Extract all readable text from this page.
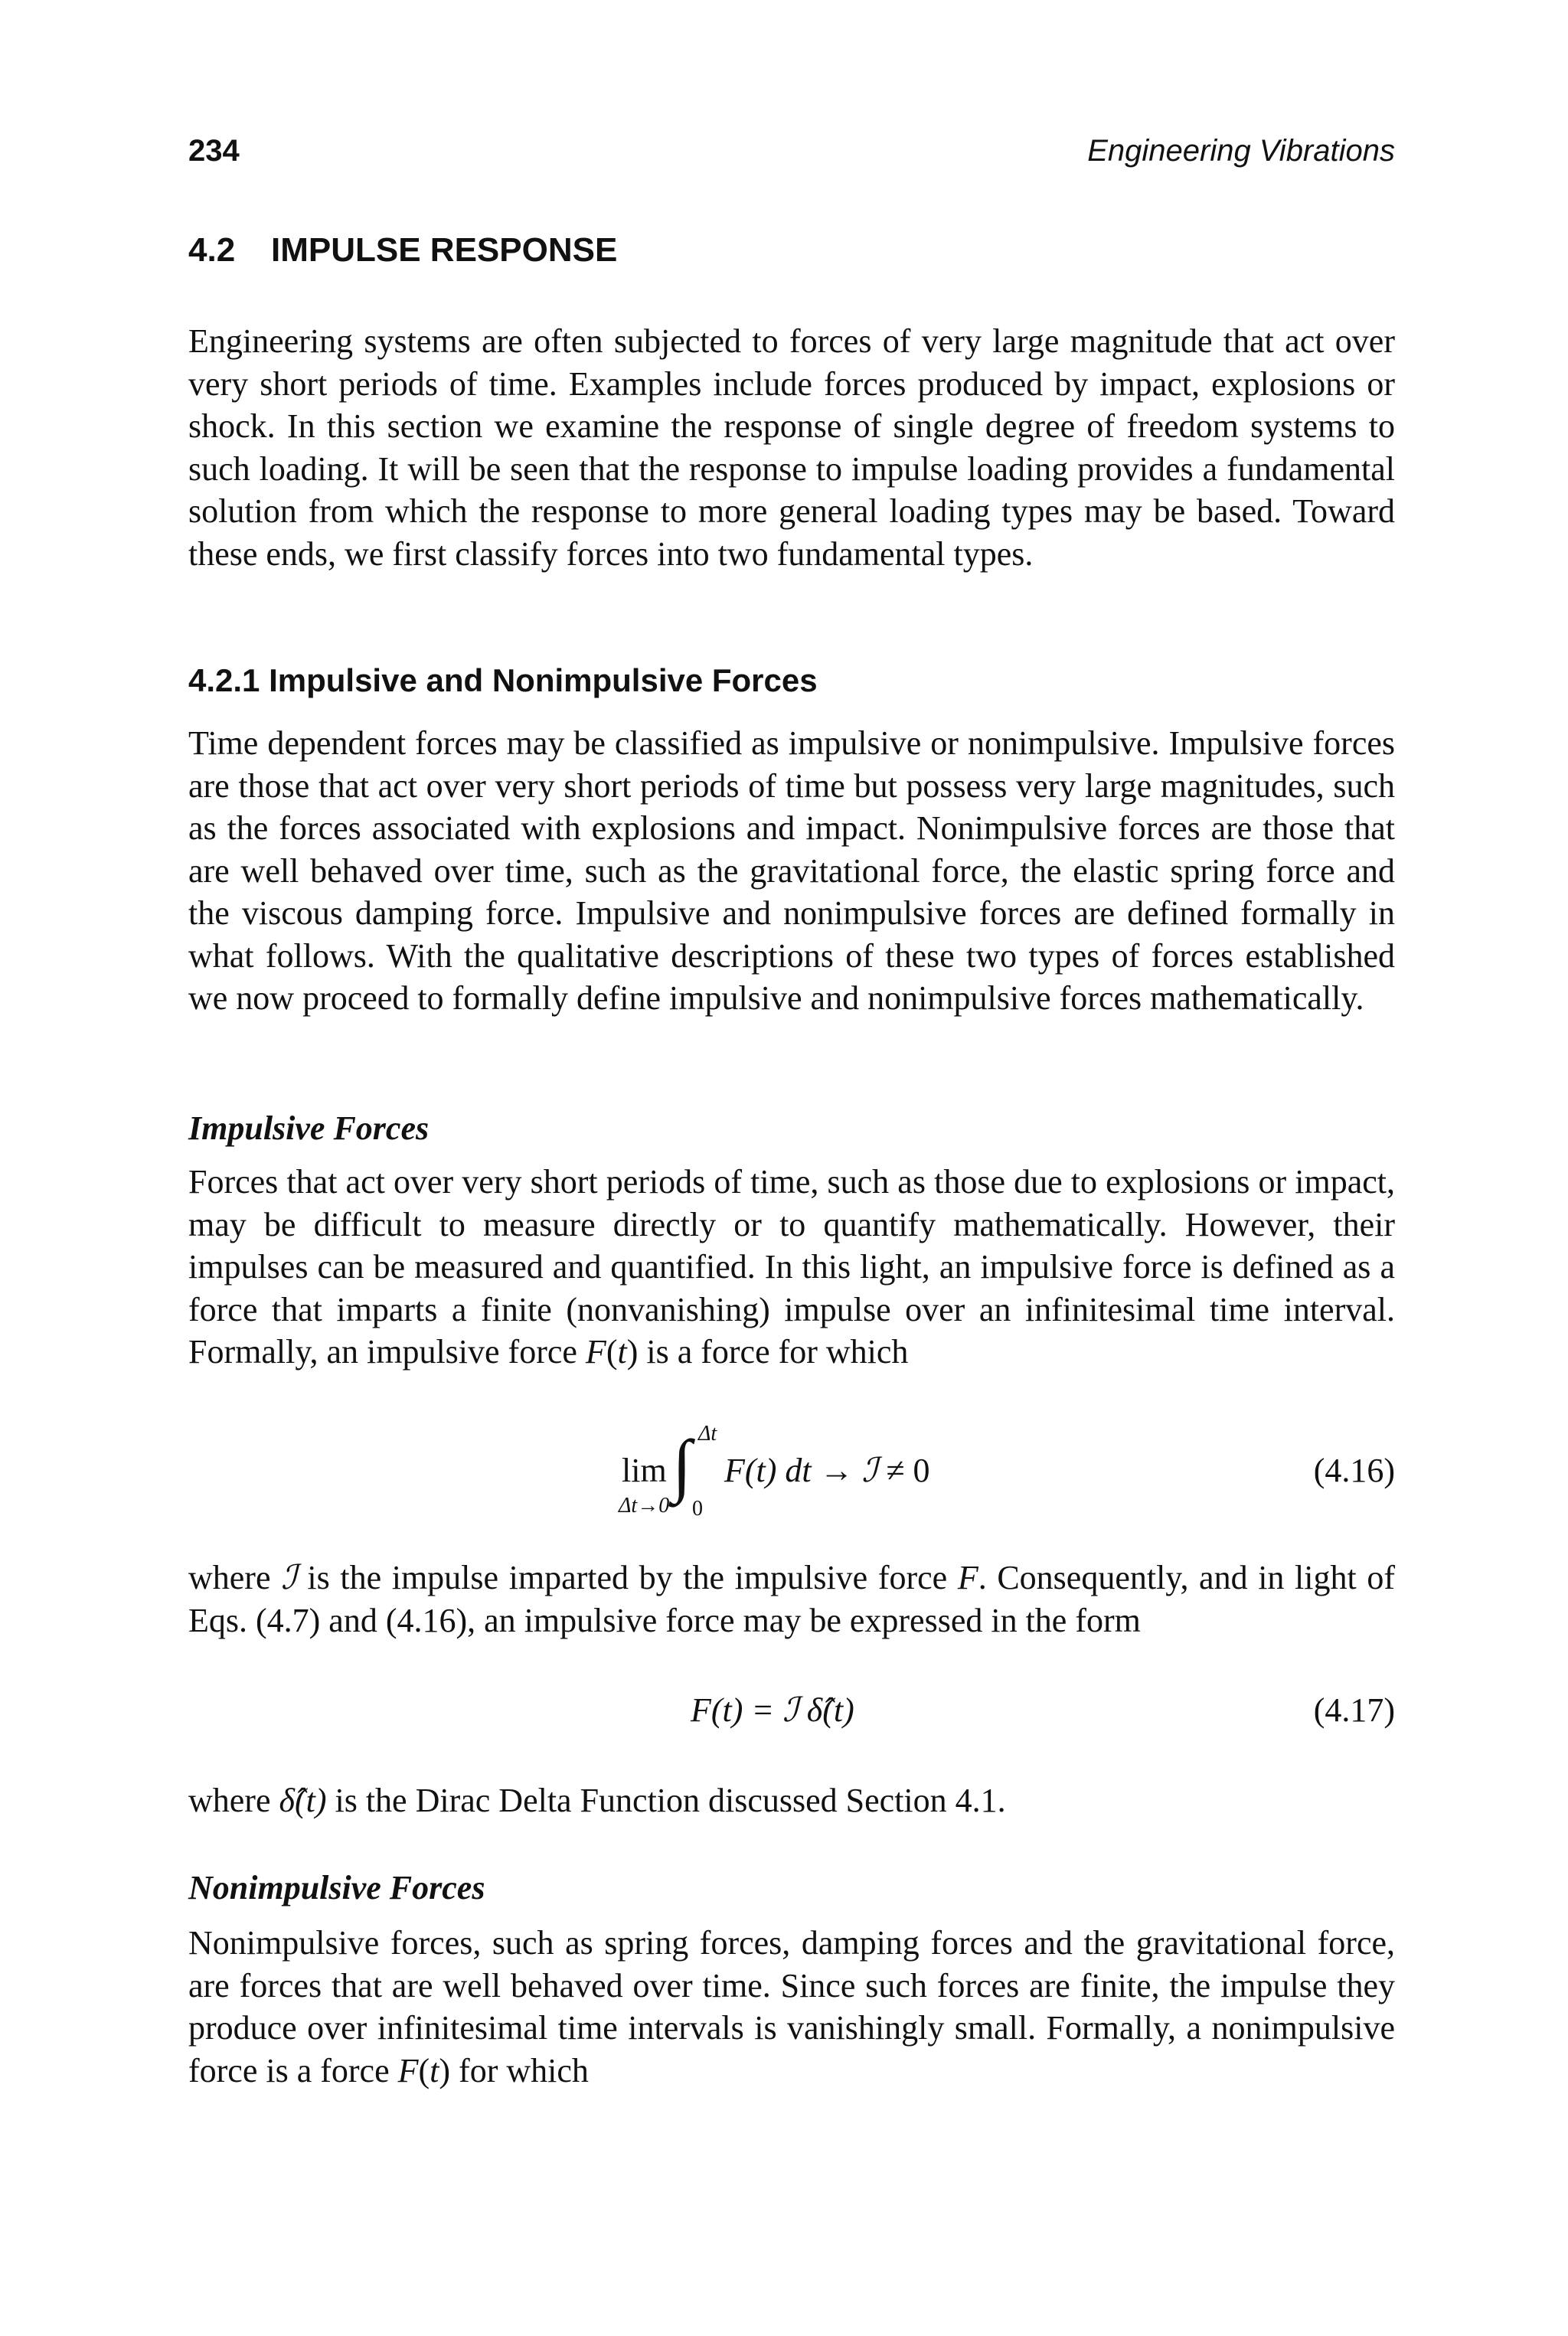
234	Engineering Vibrations
4.2 IMPULSE RESPONSE

Engineering systems are often subjected to forces of very large magnitude that act over very short periods of time. Examples include forces produced by impact, explosions or shock. In this section we examine the response of single degree of freedom systems to such loading. It will be seen that the response to impulse loading provides a fundamental solution from which the response to more general loading types may be based. Toward these ends, we first classify forces into two fundamental types.

4.2.1 Impulsive and Nonimpulsive Forces

Time dependent forces may be classified as impulsive or nonimpulsive. Impulsive forces are those that act over very short periods of time but possess very large magnitudes, such as the forces associated with explosions and impact. Nonimpulsive forces are those that are well behaved over time, such as the gravitational force, the elastic spring force and the viscous damping force. Impulsive and nonimpulsive forces are defined formally in what follows. With the qualitative descriptions of these two types of forces established we now proceed to formally define impulsive and nonimpulsive forces mathematically.

Impulsive Forces

Forces that act over very short periods of time, such as those due to explosions or impact, may be difficult to measure directly or to quantify mathematically. However, their impulses can be measured and quantified. In this light, an impulsive force is defined as a force that imparts a finite (nonvanishing) impulse over an infinitesimal time interval. Formally, an impulsive force F(t) is a force for which

lim
Δt→0
∫ Δt
0
F(t) dt → ℐ ≠ 0	(4.16)

where ℐ is the impulse imparted by the impulsive force F. Consequently, and in light of Eqs. (4.7) and (4.16), an impulsive force may be expressed in the form

F(t) = ℐ δ̂(t)	(4.17)

where δ̂(t) is the Dirac Delta Function discussed Section 4.1.

Nonimpulsive Forces

Nonimpulsive forces, such as spring forces, damping forces and the gravitational force, are forces that are well behaved over time. Since such forces are finite, the impulse they produce over infinitesimal time intervals is vanishingly small. Formally, a nonimpulsive force is a force F(t) for which
